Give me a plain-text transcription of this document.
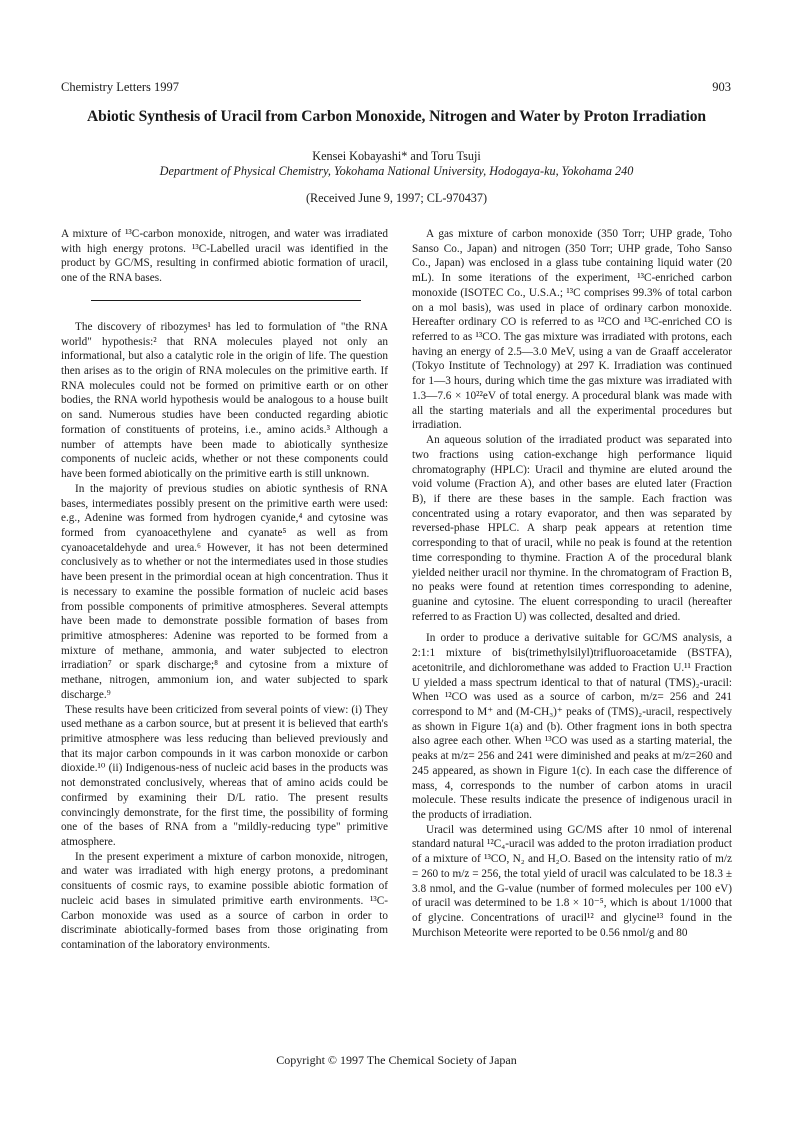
Chemistry Letters 1997	903
Abiotic Synthesis of Uracil from Carbon Monoxide, Nitrogen and Water by Proton Irradiation
Kensei Kobayashi* and Toru Tsuji
Department of Physical Chemistry, Yokohama National University, Hodogaya-ku, Yokohama 240
(Received June 9, 1997; CL-970437)

A mixture of ¹³C-carbon monoxide, nitrogen, and water was irradiated with high energy protons. ¹³C-Labelled uracil was identified in the product by GC/MS, resulting in confirmed abiotic formation of uracil, one of the RNA bases.

The discovery of ribozymes¹ has led to formulation of "the RNA world" hypothesis:² that RNA molecules played not only an informational, but also a catalytic role in the origin of life. The question then arises as to the origin of RNA molecules on the primitive earth. If RNA molecules could not be formed on primitive earth or on other bodies, the RNA world hypothesis would be analogous to a house built on sand. Numerous studies have been conducted regarding abiotic formation of constituents of proteins, i.e., amino acids.³ Although a number of attempts have been made to abiotically synthesize components of nucleic acids, whether or not these components could have been formed abiotically on the primitive earth is still unknown.

In the majority of previous studies on abiotic synthesis of RNA bases, intermediates possibly present on the primitive earth were used: e.g., Adenine was formed from hydrogen cyanide,⁴ and cytosine was formed from cyanoacethylene and cyanate⁵ as well as from cyanoacetaldehyde and urea.⁶ However, it has not been determined conclusively as to whether or not the intermediates used in those studies have been present in the primordial ocean at high concentration. Thus it is necessary to examine the possible formation of nucleic acid bases from possible components of primitive atmospheres. Several attempts have been made to demonstrate possible formation of bases from primitive atmospheres: Adenine was reported to be formed from a mixture of methane, ammonia, and water subjected to electron irradiation⁷ or spark discharge;⁸ and cytosine from a mixture of methane, nitrogen, ammonium ion, and water subjected to spark discharge.⁹

These results have been criticized from several points of view: (i) They used methane as a carbon source, but at present it is believed that earth's primitive atmosphere was less reducing than believed previously and that its major carbon compounds in it was carbon monoxide or carbon dioxide.¹⁰ (ii) Indigenous-ness of nucleic acid bases in the products was not demonstrated conclusively, whereas that of amino acids could be confirmed by examining their D/L ratio. The present results convincingly demonstrate, for the first time, the possibility of forming one of the bases of RNA from a "mildly-reducing type" primitive atmosphere.

In the present experiment a mixture of carbon monoxide, nitrogen, and water was irradiated with high energy protons, a predominant consituents of cosmic rays, to examine possible abiotic formation of nucleic acid bases in simulated primitive earth environments. ¹³C-Carbon monoxide was used as a source of carbon in order to discriminate abiotically-formed bases from those originating from contamination of the laboratory environments.

A gas mixture of carbon monoxide (350 Torr; UHP grade, Toho Sanso Co., Japan) and nitrogen (350 Torr; UHP grade, Toho Sanso Co., Japan) was enclosed in a glass tube containing liquid water (20 mL). In some iterations of the experiment, ¹³C-enriched carbon monoxide (ISOTEC Co., U.S.A.; ¹³C comprises 99.3% of total carbon on a mol basis), was used in place of ordinary carbon monoxide. Hereafter ordinary CO is referred to as ¹²CO and ¹³C-enriched CO is referred to as ¹³CO. The gas mixture was irradiated with protons, each having an energy of 2.5—3.0 MeV, using a van de Graaff accelerator (Tokyo Institute of Technology) at 297 K. Irradiation was continued for 1—3 hours, during which time the gas mixture was irradiated with 1.3—7.6 × 10²²eV of total energy. A procedural blank was made with all the starting materials and all the experimental procedures but irradiation.

An aqueous solution of the irradiated product was separated into two fractions using cation-exchange high performance liquid chromatography (HPLC): Uracil and thymine are eluted around the void volume (Fraction A), and other bases are eluted later (Fraction B), if there are these bases in the sample. Each fraction was concentrated using a rotary evaporator, and then was separated by reversed-phase HPLC. A sharp peak appears at retention time corresponding to that of uracil, while no peak is found at the retention time corresponding to thymine. Fraction A of the procedural blank yielded neither uracil nor thymine. In the chromatogram of Fraction B, no peaks were found at retention times corresponding to adenine, guanine and cytosine. The eluent corresponding to uracil (hereafter referred to as Fraction U) was collected, desalted and dried.

In order to produce a derivative suitable for GC/MS analysis, a 2:1:1 mixture of bis(trimethylsilyl)trifluoroacetamide (BSTFA), acetonitrile, and dichloromethane was added to Fraction U.¹¹ Fraction U yielded a mass spectrum identical to that of natural (TMS)₂-uracil: When ¹²CO was used as a source of carbon, m/z= 256 and 241 correspond to M⁺ and (M-CH₃)⁺ peaks of (TMS)₂-uracil, respectively as shown in Figure 1(a) and (b). Other fragment ions in both spectra also agree each other. When ¹³CO was used as a starting material, the peaks at m/z= 256 and 241 were diminished and peaks at m/z=260 and 245 appeared, as shown in Figure 1(c). In each case the difference of mass, 4, corresponds to the number of carbon atoms in uracil molecule. These results indicate the presence of indigenous uracil in the products of irradiation.

Uracil was determined using GC/MS after 10 nmol of interenal standard natural ¹²C₄-uracil was added to the proton irradiation product of a mixture of ¹³CO, N₂ and H₂O. Based on the intensity ratio of m/z = 260 to m/z = 256, the total yield of uracil was calculated to be 18.3 ± 3.8 nmol, and the G-value (number of formed molecules per 100 eV) of uracil was determined to be 1.8 × 10⁻⁵, which is about 1/1000 that of glycine. Concentrations of uracil¹² and glycine¹³ found in the Murchison Meteorite were reported to be 0.56 nmol/g and 80

Copyright © 1997 The Chemical Society of Japan
